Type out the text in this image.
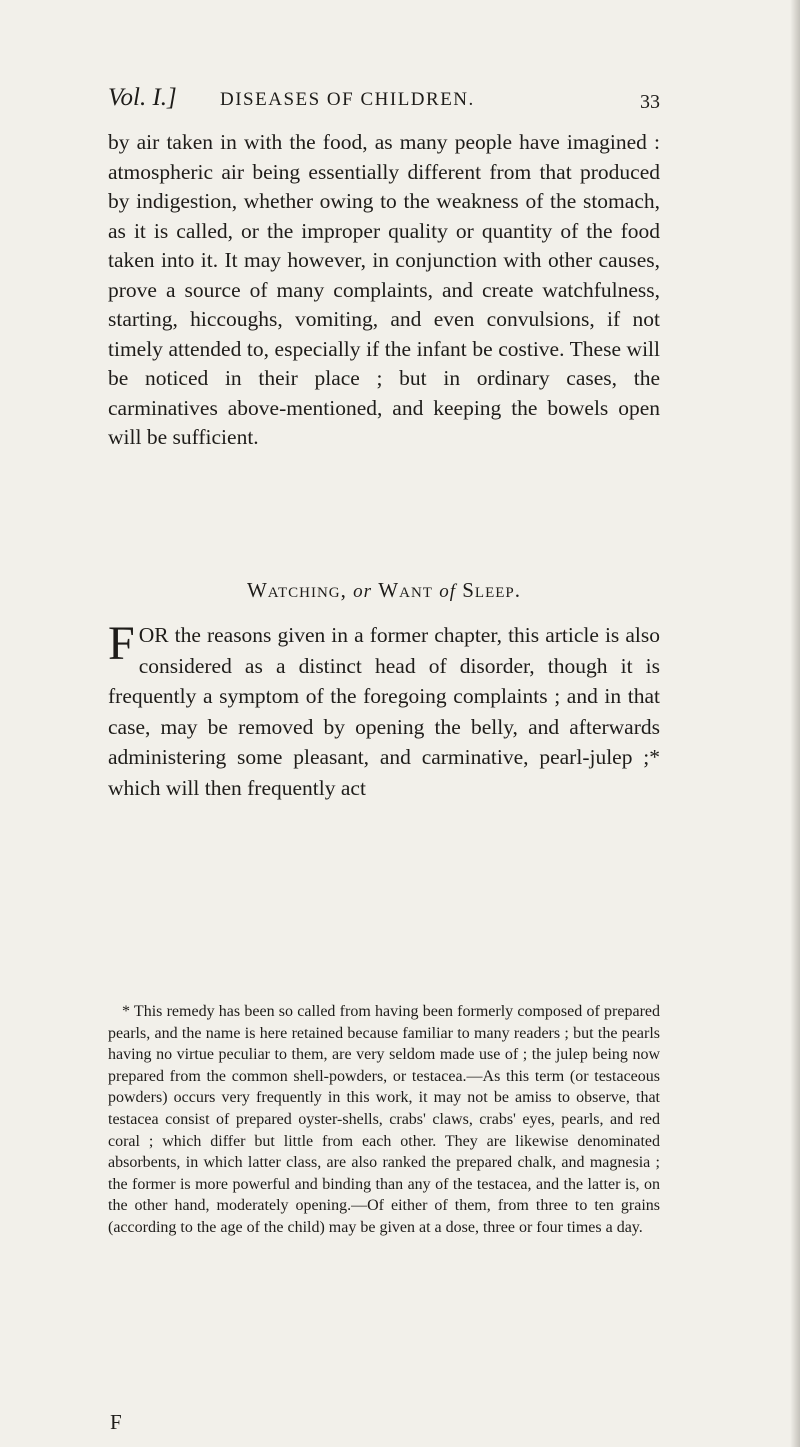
Vol. I.] DISEASES OF CHILDREN.	33

by air taken in with the food, as many people have imagined : atmospheric air being essentially different from that produced by indigestion, whether owing to the weakness of the stomach, as it is called, or the improper quality or quantity of the food taken into it. It may however, in conjunction with other causes, prove a source of many complaints, and create watchfulness, starting, hiccoughs, vomiting, and even convulsions, if not timely attended to, especially if the infant be costive. These will be noticed in their place ; but in ordinary cases, the carminatives above-mentioned, and keeping the bowels open will be sufficient.

Watching, or Want of Sleep.

FOR the reasons given in a former chapter, this article is also considered as a distinct head of disorder, though it is frequently a symptom of the foregoing complaints ; and in that case, may be removed by opening the belly, and afterwards administering some pleasant, and carminative, pearl-julep ;* which will then frequently act

* This remedy has been so called from having been formerly composed of prepared pearls, and the name is here retained because familiar to many readers ; but the pearls having no virtue peculiar to them, are very seldom made use of ; the julep being now prepared from the common shell-powders, or testacea.—As this term (or testaceous powders) occurs very frequently in this work, it may not be amiss to observe, that testacea consist of prepared oyster-shells, crabs' claws, crabs' eyes, pearls, and red coral ; which differ but little from each other. They are likewise denominated absorbents, in which latter class, are also ranked the prepared chalk, and magnesia ; the former is more powerful and binding than any of the testacea, and the latter is, on the other hand, moderately opening.—Of either of them, from three to ten grains (according to the age of the child) may be given at a dose, three or four times a day.

F
